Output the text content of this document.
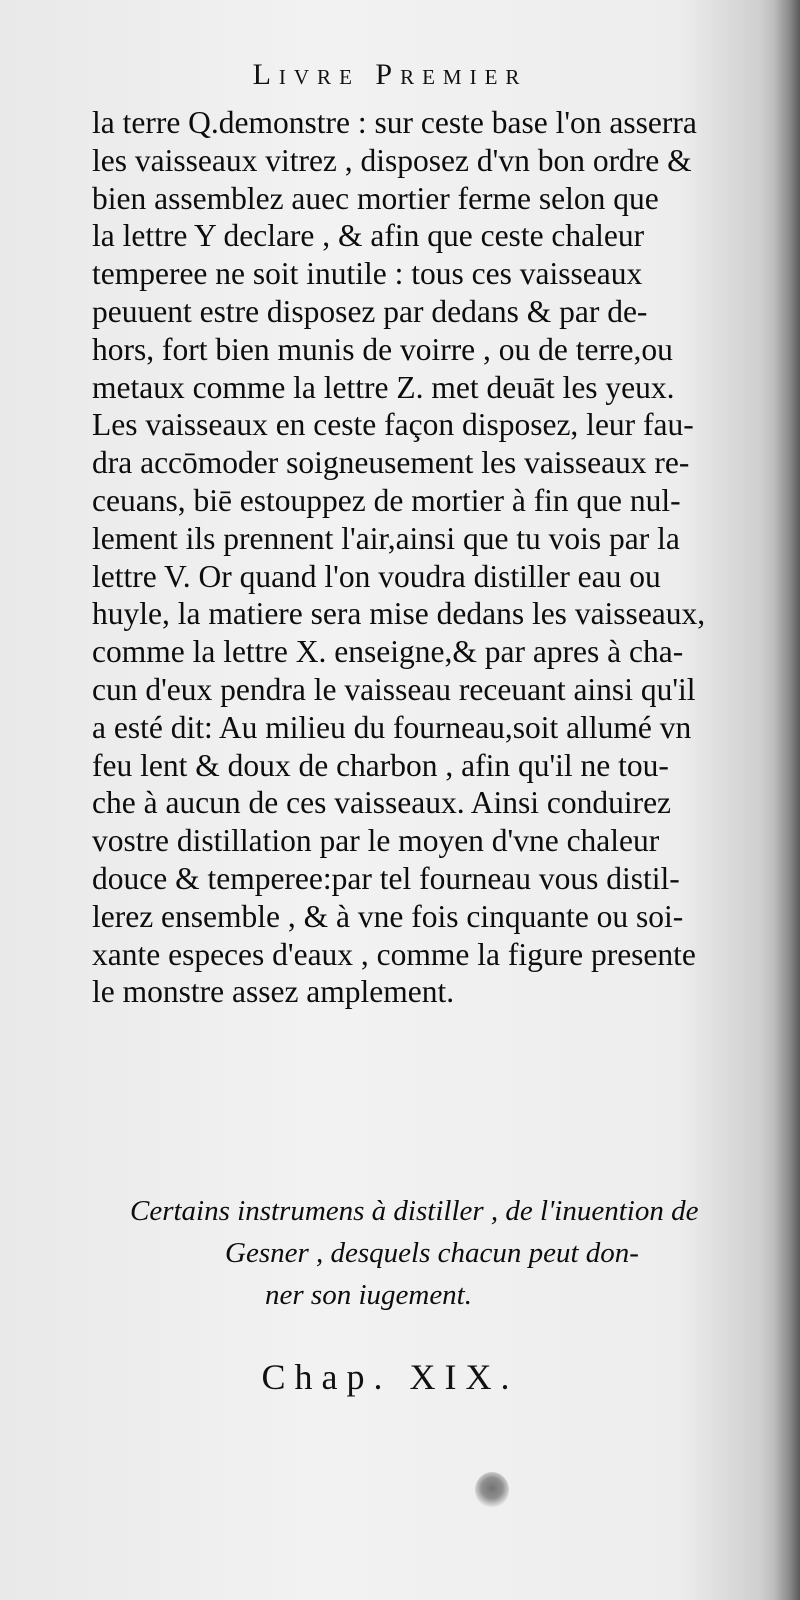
Livre Premier
la terre Q.demonstre : sur ceste base l'on asserra
les vaisseaux vitrez , disposez d'vn bon ordre &
bien assemblez auec mortier ferme selon que
la lettre Y declare , & afin que ceste chaleur
temperee ne soit inutile : tous ces vaisseaux
peuuent estre disposez par dedans & par de-
hors, fort bien munis de voirre , ou de terre,ou
metaux comme la lettre Z. met deuāt les yeux.
Les vaisseaux en ceste façon disposez, leur fau-
dra accōmoder soigneusement les vaisseaux re-
ceuans, biē estouppez de mortier à fin que nul-
lement ils prennent l'air,ainsi que tu vois par la
lettre V. Or quand l'on voudra distiller eau ou
huyle, la matiere sera mise dedans les vaisseaux,
comme la lettre X. enseigne,& par apres à cha-
cun d'eux pendra le vaisseau receuant ainsi qu'il
a esté dit: Au milieu du fourneau,soit allumé vn
feu lent & doux de charbon , afin qu'il ne tou-
che à aucun de ces vaisseaux. Ainsi conduirez
vostre distillation par le moyen d'vne chaleur
douce & temperee:par tel fourneau vous distil-
lerez ensemble , & à vne fois cinquante ou soi-
xante especes d'eaux , comme la figure presente
le monstre assez amplement.
Certains instrumens à distiller , de l'inuention de
Gesner , desquels chacun peut don-
ner son iugement.
Chap. XIX.
